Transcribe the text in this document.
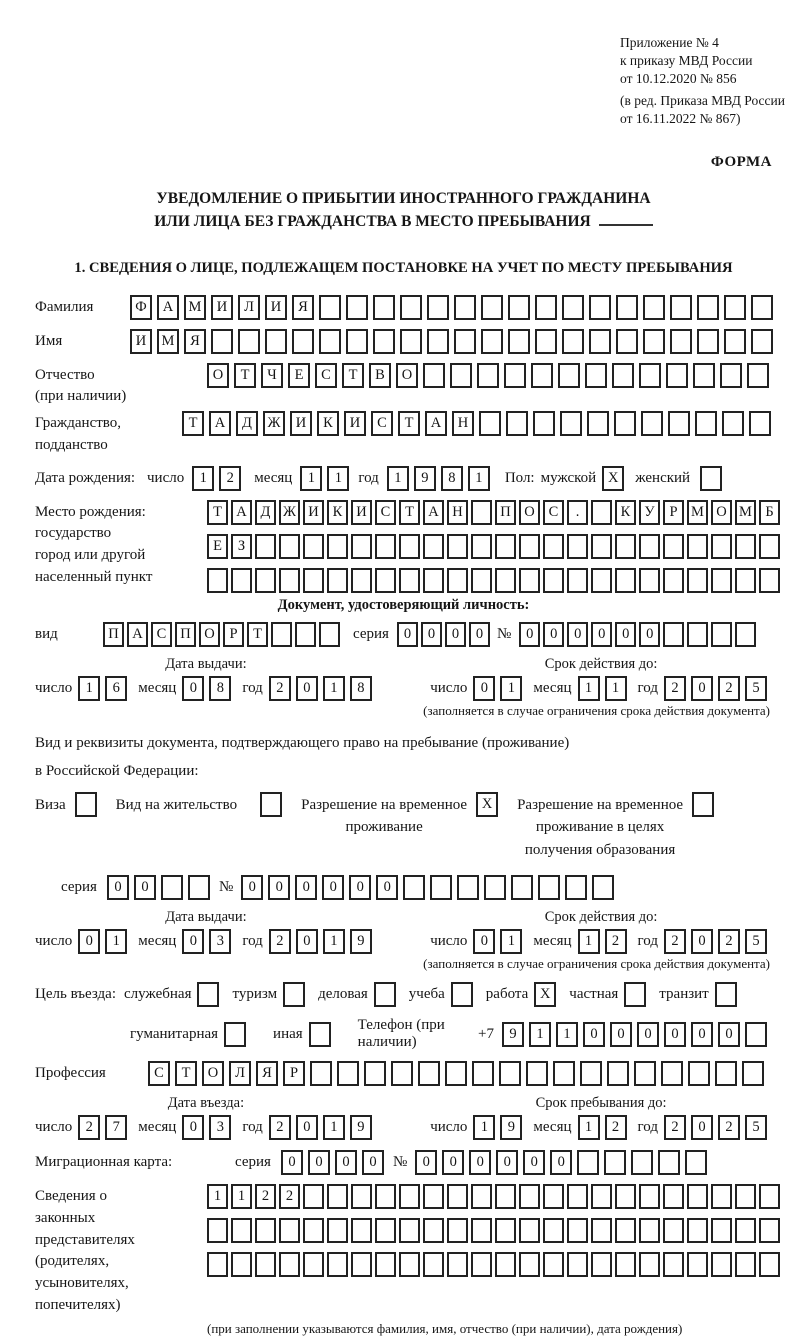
Приложение № 4
к приказу МВД России
от 10.12.2020 № 856
(в ред. Приказа МВД России
от 16.11.2022 № 867)
ФОРМА
УВЕДОМЛЕНИЕ О ПРИБЫТИИ ИНОСТРАННОГО ГРАЖДАНИНА
ИЛИ ЛИЦА БЕЗ ГРАЖДАНСТВА В МЕСТО ПРЕБЫВАНИЯ
1. СВЕДЕНИЯ О ЛИЦЕ, ПОДЛЕЖАЩЕМ ПОСТАНОВКЕ НА УЧЕТ ПО МЕСТУ ПРЕБЫВАНИЯ
Фамилия	Ф	А	М	И	Л	И	Я
Имя	И	М	Я
Отчество
(при наличии)
О	Т	Ч	Е	С	Т	В	О
Гражданство,
подданство
Т	А	Д	Ж	И	К	И	С	Т	А	Н
Дата рождения: число	1	2	месяц	1	1	год	1	9	8	1	Пол: мужской X	женский
Место рождения:
государство
город или другой
населенный пункт
Т А Д Ж И К И С	Т А Н	П О С	.	К У	Р М О М Б
Е	З
Документ, удостоверяющий личность:
вид	П А С П О	Р	Т	серия	0	0	0	0 №	0	0	0	0	0	0
Дата выдачи:
число 1	6	месяц 0	8	год 2	0	1	8
Срок действия до:
число 0	1	месяц 1	1	год 2	0	2	5
(заполняется в случае ограничения срока действия документа)
Вид и реквизиты документа, подтверждающего право на пребывание (проживание)
в Российской Федерации:
Виза	Вид на жительство	Разрешение на временное
проживание
X	Разрешение на временное
проживание в целях
получения образования
серия	0	0	№	0	0	0	0	0	0
Дата выдачи:
число 0	1	месяц 0	3	год 2	0	1	9
Срок действия до:
число 0	1	месяц 1	2	год 2	0	2	5
(заполняется в случае ограничения срока действия документа)
Цель въезда: служебная	туризм	деловая	учеба	работа X	частная	транзит
гуманитарная	иная
Телефон (при наличии)
+7	9	1	1	0	0	0	0	0	0
Профессия	С	Т	О	Л	Я	Р
Дата въезда:
число 2	7	месяц 0	3	год 2	0	1	9
Срок пребывания до:
число 1	9	месяц 1	2	год 2	0	2	5
Миграционная карта:	серия	0	0	0	0	№	0	0	0	0	0	0
Сведения о
законных
представителях
(родителях,
усыновителях,
попечителях)
1	1	2	2
(при заполнении указываются фамилия, имя, отчество (при наличии), дата рождения)
